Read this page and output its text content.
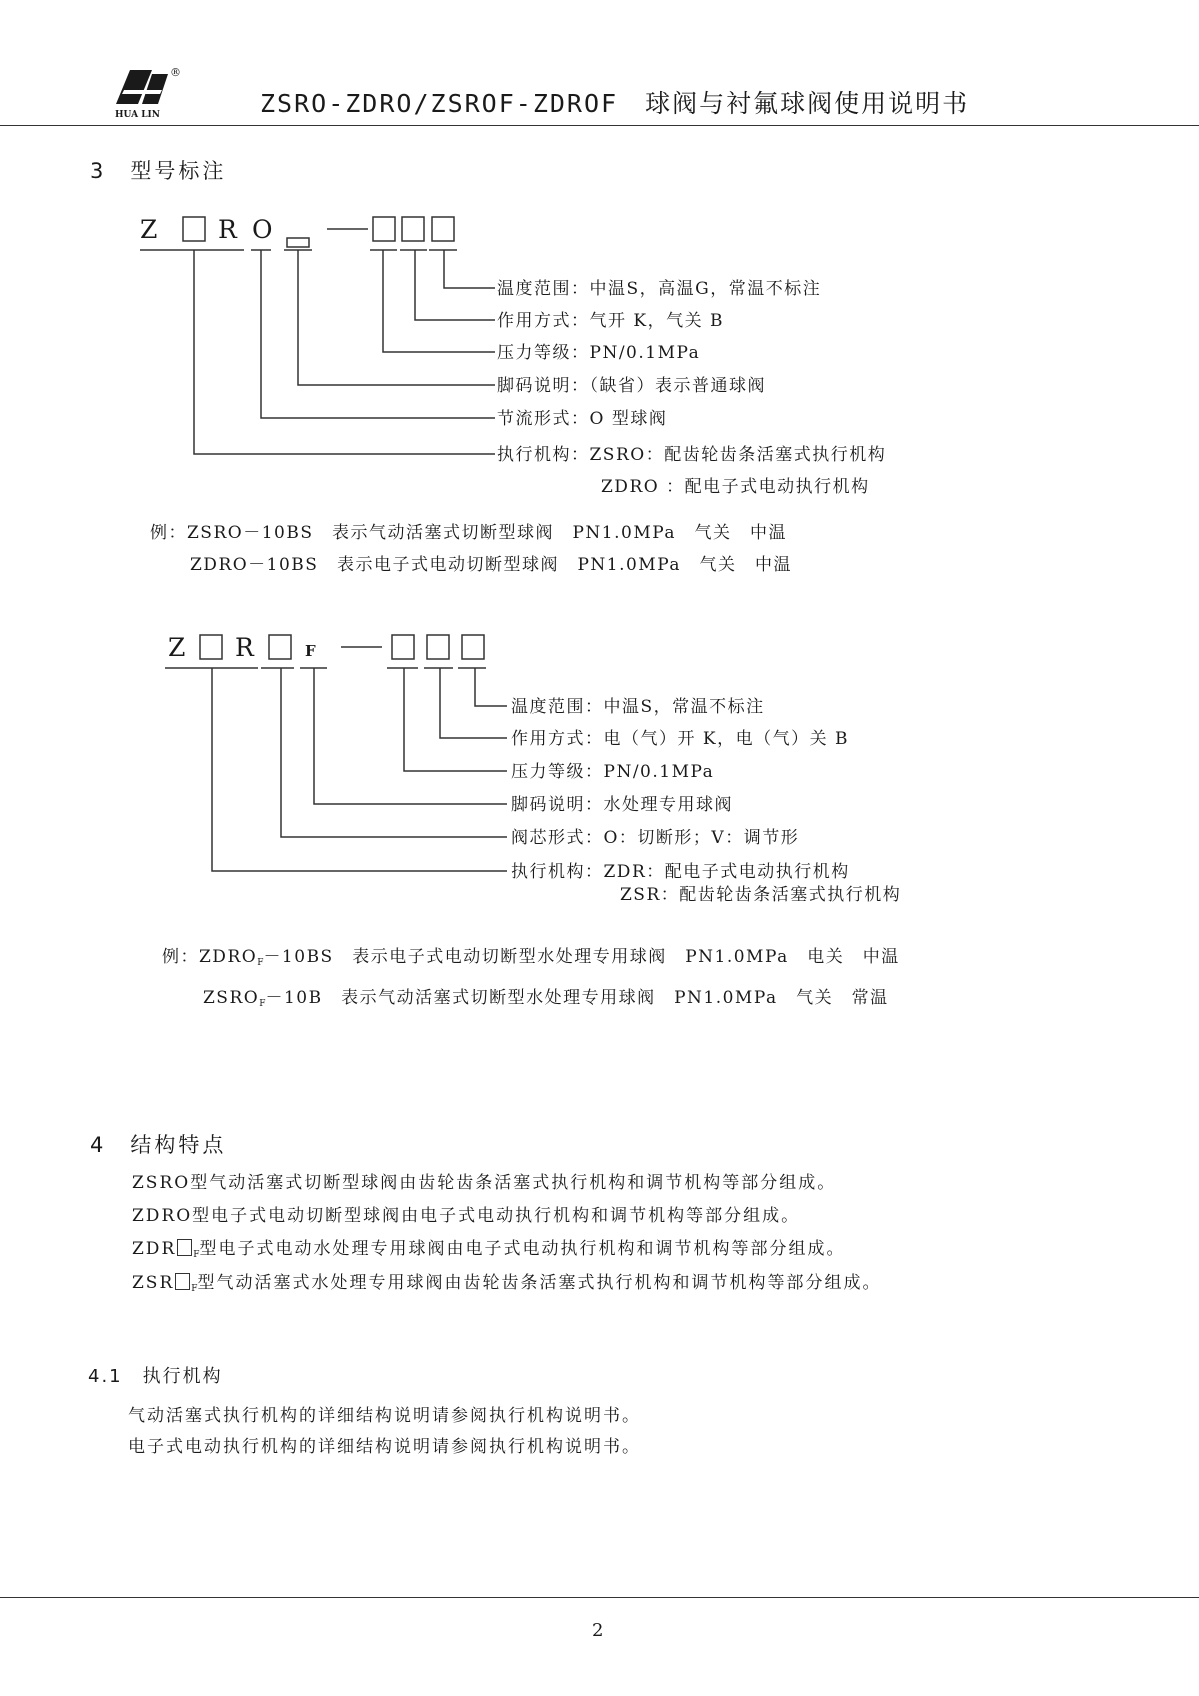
®
HUA LIN	ZSRO-ZDRO/ZSROF-ZDROF　球阀与衬氟球阀使用说明书
3　型号标注
Z R O
温度范围：中温S，高温G，常温不标注
作用方式：气开 K，气关 B
压力等级：PN/0.1MPa
脚码说明：（缺省）表示普通球阀
节流形式：O 型球阀
执行机构：ZSRO：配齿轮齿条活塞式执行机构
ZDRO ：配电子式电动执行机构
例：ZSRO－10BS　表示气动活塞式切断型球阀　PN1.0MPa　气关　中温
ZDRO－10BS　表示电子式电动切断型球阀　PN1.0MPa　气关　中温
Z R	F
温度范围：中温S，常温不标注
作用方式：电（气）开 K，电（气）关 B
压力等级：PN/0.1MPa
脚码说明：水处理专用球阀
阀芯形式：O：切断形；V：调节形
执行机构：ZDR：配电子式电动执行机构
ZSR：配齿轮齿条活塞式执行机构
例：$ZDRO_F-10BS$　表示电子式电动切断型水处理专用球阀　PN1.0MPa　电关　中温
$ZSRO_F-10B$　表示气动活塞式切断型水处理专用球阀　PN1.0MPa　气关　常温
4　结构特点
ZSRO型气动活塞式切断型球阀由齿轮齿条活塞式执行机构和调节机构等部分组成。
ZDRO型电子式电动切断型球阀由电子式电动执行机构和调节机构等部分组成。
ZDR $_F$型电子式电动水处理专用球阀由电子式电动执行机构和调节机构等部分组成。
ZSR $_F$型气动活塞式水处理专用球阀由齿轮齿条活塞式执行机构和调节机构等部分组成。
4.1　执行机构
气动活塞式执行机构的详细结构说明请参阅执行机构说明书。
电子式电动执行机构的详细结构说明请参阅执行机构说明书。
2
